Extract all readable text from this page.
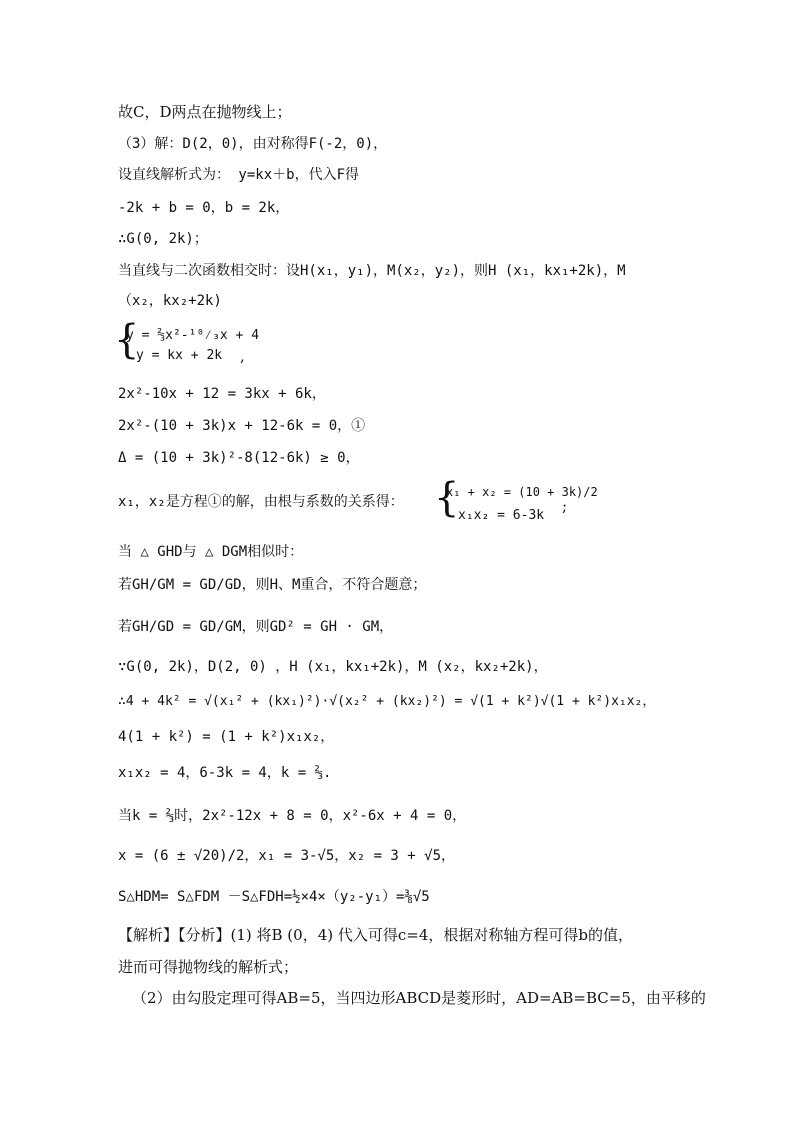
故C，D两点在抛物线上；
（3）解：D(2，0)，由对称得F(-2，0)，
设直线解析式为： y=kx＋b，代入F得
-2k + b = 0，b = 2k，
∴G(0, 2k)；
当直线与二次函数相交时：设H(x₁，y₁)，M(x₂，y₂)，则H (x₁，kx₁+2k)，M
（x₂，kx₂+2k)
{
y = ⅔x²-¹⁰⁄₃x + 4
y = kx + 2k ,
2x²-10x + 12 = 3kx + 6k，
2x²-(10 + 3k)x + 12-6k = 0，①
Δ = (10 + 3k)²-8(12-6k) ≥ 0，
x₁，x₂是方程①的解，由根与系数的关系得： {
x₁ + x₂ = (10 + 3k)/2
x₁x₂ = 6-3k
;
当 △ GHD与 △ DGM相似时：
若GH/GM = GD/GD，则H、M重合，不符合题意；
若GH/GD = GD/GM，则GD² = GH · GM，
∵G(0, 2k)，D(2, 0) ，H (x₁，kx₁+2k)，M (x₂，kx₂+2k)，
∴4 + 4k² = √(x₁² + (kx₁)²)·√(x₂² + (kx₂)²) = √(1 + k²)√(1 + k²)x₁x₂，
4(1 + k²) = (1 + k²)x₁x₂，
x₁x₂ = 4，6-3k = 4，k = ⅔.
当k = ⅔时，2x²-12x + 8 = 0，x²-6x + 4 = 0，
x = (6 ± √20)/2，x₁ = 3-√5，x₂ = 3 + √5，
S△HDM= S△FDM －S△FDH=½×4×（y₂-y₁）=⅜√5
【解析】【分析】(1) 将B (0，4) 代入可得c=4，根据对称轴方程可得b的值，
进而可得抛物线的解析式；
（2）由勾股定理可得AB=5，当四边形ABCD是菱形时，AD=AB=BC=5，由平移的
